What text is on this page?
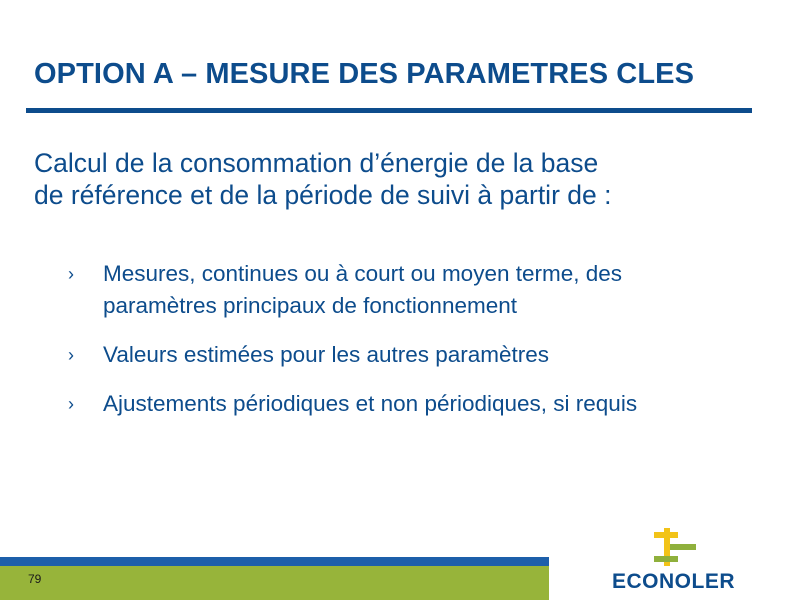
OPTION A – MESURE DES PARAMETRES CLES

Calcul de la consommation d’énergie de la base
de référence et de la période de suivi à partir de :

› Mesures, continues ou à court ou moyen terme, des
paramètres principaux de fonctionnement
› Valeurs estimées pour les autres paramètres
› Ajustements périodiques et non périodiques, si requis
79	ECONOLER
